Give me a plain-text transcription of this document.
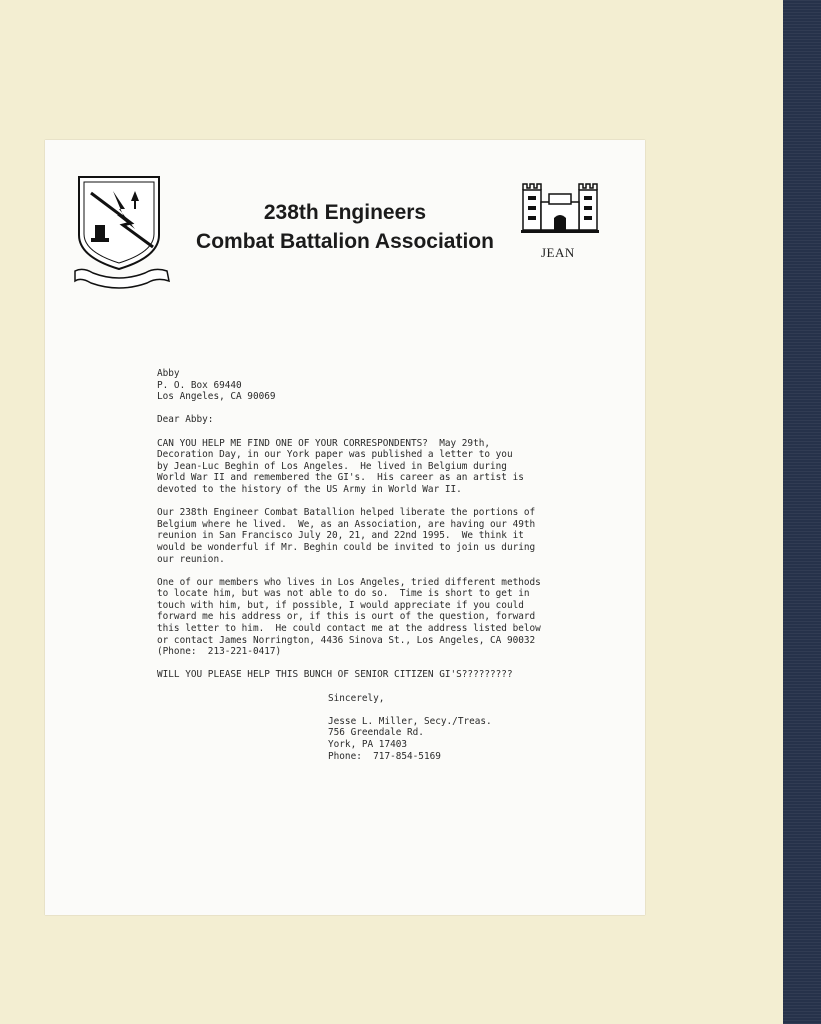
238th Engineers
Combat Battalion Association	JEAN
Abby
P. O. Box 69440
Los Angeles, CA 90069
Dear Abby:
CAN YOU HELP ME FIND ONE OF YOUR CORRESPONDENTS?  May 29th,
Decoration Day, in our York paper was published a letter to you
by Jean-Luc Beghin of Los Angeles.  He lived in Belgium during
World War II and remembered the GI's.  His career as an artist is
devoted to the history of the US Army in World War II.
Our 238th Engineer Combat Batallion helped liberate the portions of
Belgium where he lived.  We, as an Association, are having our 49th
reunion in San Francisco July 20, 21, and 22nd 1995.  We think it
would be wonderful if Mr. Beghin could be invited to join us during
our reunion.
One of our members who lives in Los Angeles, tried different methods
to locate him, but was not able to do so.  Time is short to get in
touch with him, but, if possible, I would appreciate if you could
forward me his address or, if this is ourt of the question, forward
this letter to him.  He could contact me at the address listed below
or contact James Norrington, 4436 Sinova St., Los Angeles, CA 90032
(Phone:  213-221-0417)
WILL YOU PLEASE HELP THIS BUNCH OF SENIOR CITIZEN GI'S?????????
Sincerely,
Jesse L. Miller, Secy./Treas.
756 Greendale Rd.
York, PA 17403
Phone:  717-854-5169
